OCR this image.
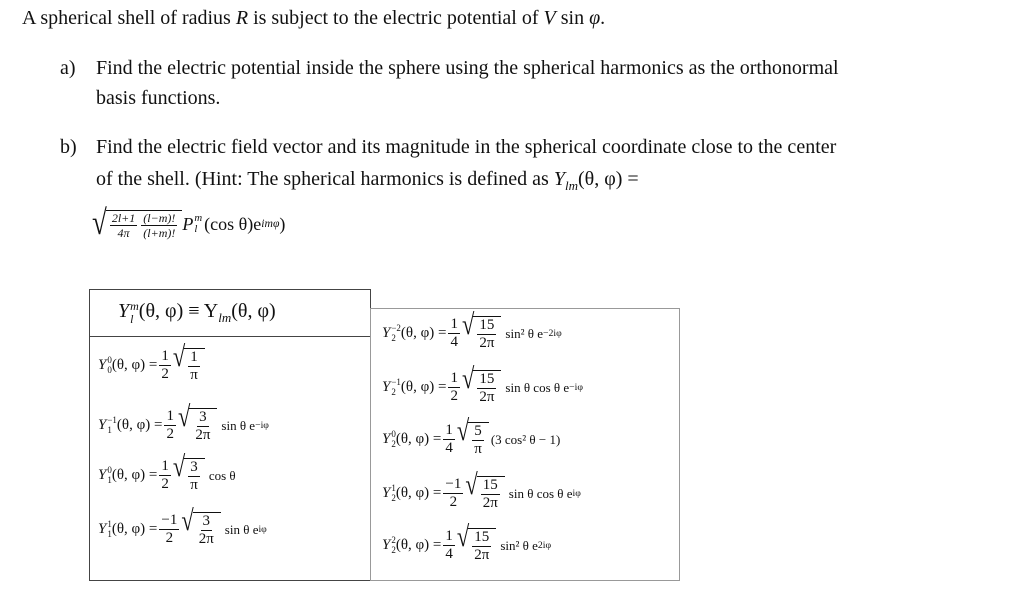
A spherical shell of radius R is subject to the electric potential of V sin φ.
a) Find the electric potential inside the sphere using the spherical harmonics as the orthonormal
basis functions.
b) Find the electric field vector and its magnitude in the spherical coordinate close to the center
of the shell. (Hint: The spherical harmonics is defined as $Y_{lm}(\theta$, φ) =
√ $\frac{2l+1}{4\pi} \frac{(l-m)!}{(l+m)!}$ P m
l (cos θ)e imφ )
Y m
l (θ, $\varphi) \equiv Y_{lm}(\theta$, φ)
Y 0
0 (θ, $\varphi) = \frac{1}{2}$ √ $\frac{1}{\pi}$
Y −1
1 (θ, $\varphi) = \frac{1}{2}$ √ $\frac{3}{2\pi}$ sin θ e −iφ
Y 0
1 (θ, $\varphi) = \frac{1}{2}$ √ $\frac{3}{\pi}$ cos θ
Y 1
1 (θ, $\varphi) = \frac{-1}{2}$ √ $\frac{3}{2\pi}$ sin θ e iφ
Y −2
2 (θ, $\varphi) = \frac{1}{4}$ √ $\frac{15}{2\pi} \sin^2$ θ e −2iφ
Y −1
2 (θ, $\varphi) = \frac{1}{2}$ √ $\frac{15}{2\pi}$ sin θ cos θ e −iφ
Y 0
2 (θ, $\varphi) = \frac{1}{4}$ √ $\frac{5}{\pi} (3$ cos² θ − 1)
Y 1
2 (θ, $\varphi) = \frac{-1}{2}$ √ $\frac{15}{2\pi}$ sin θ cos θ e iφ
Y 2
2 (θ, $\varphi) = \frac{1}{4}$ √ $\frac{15}{2\pi} \sin^2$ θ e 2iφ
